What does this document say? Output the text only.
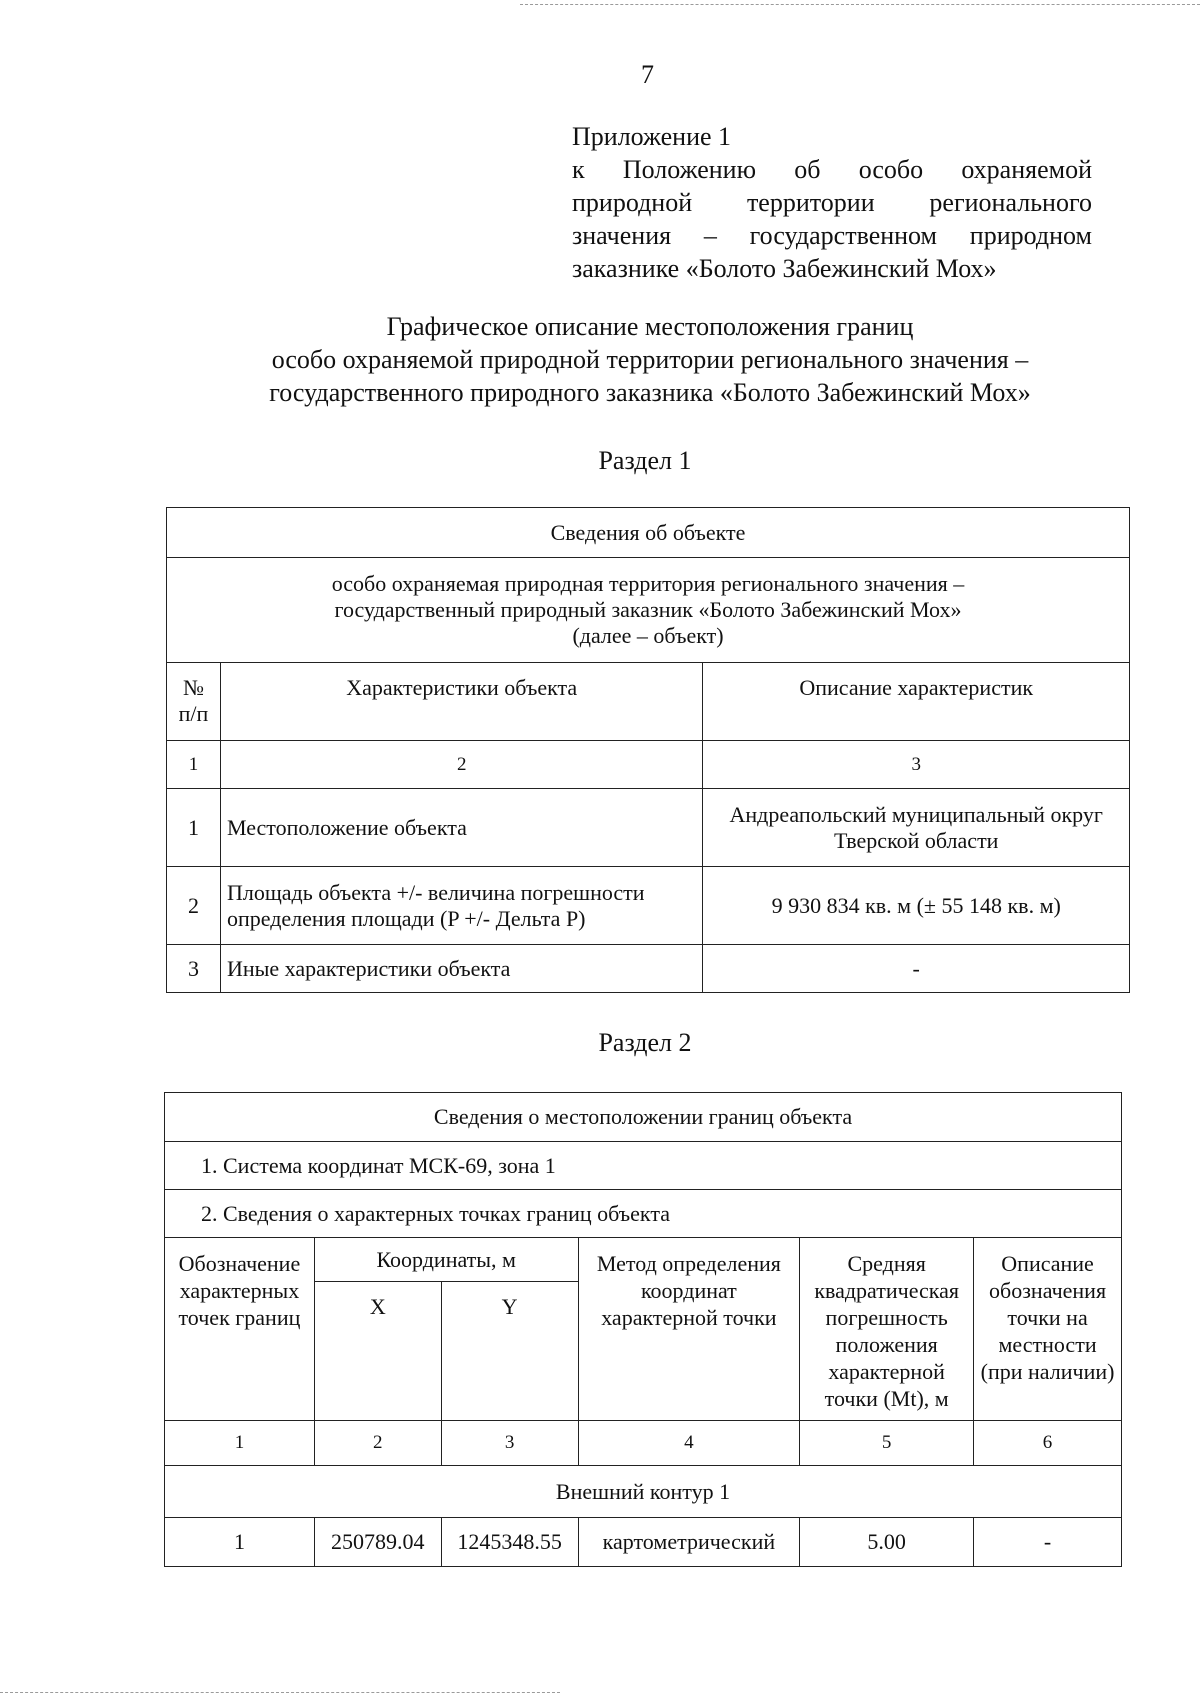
7
Приложение 1
к Положению об особо охраняемой
природной территории регионального
значения – государственном природном
заказнике «Болото Забежинский Мох»
Графическое описание местоположения границ
особо охраняемой природной территории регионального значения –
государственного природного заказника «Болото Забежинский Мох»
Раздел 1
Сведения об объекте		

особо охраняемая природная территория регионального значения –
государственный природный заказник «Болото Забежинский Мох»
(далее – объект)		

№ п/п	Характеристики объекта	Описание характеристик
1	2	3
1	Местоположение объекта	Андреапольский муниципальный округ Тверской области
2	Площадь объекта +/- величина погрешности определения площади (P +/- Дельта P)	9 930 834 кв. м (± 55 148 кв. м)
3	Иные характеристики объекта	-
Раздел 2
Сведения о местоположении границ объекта					
1. Система координат МСК-69, зона 1					
2. Сведения о характерных точках границ объекта					
Обозначение характерных точек границ	Координаты, м		Метод определения координат характерной точки	Средняя квадратическая погрешность положения характерной точки (Mt), м	Описание обозначения точки на местности (при наличии)
	X	Y			
1	2	3	4	5	6
Внешний контур 1					
1	250789.04	1245348.55	картометрический	5.00	-
